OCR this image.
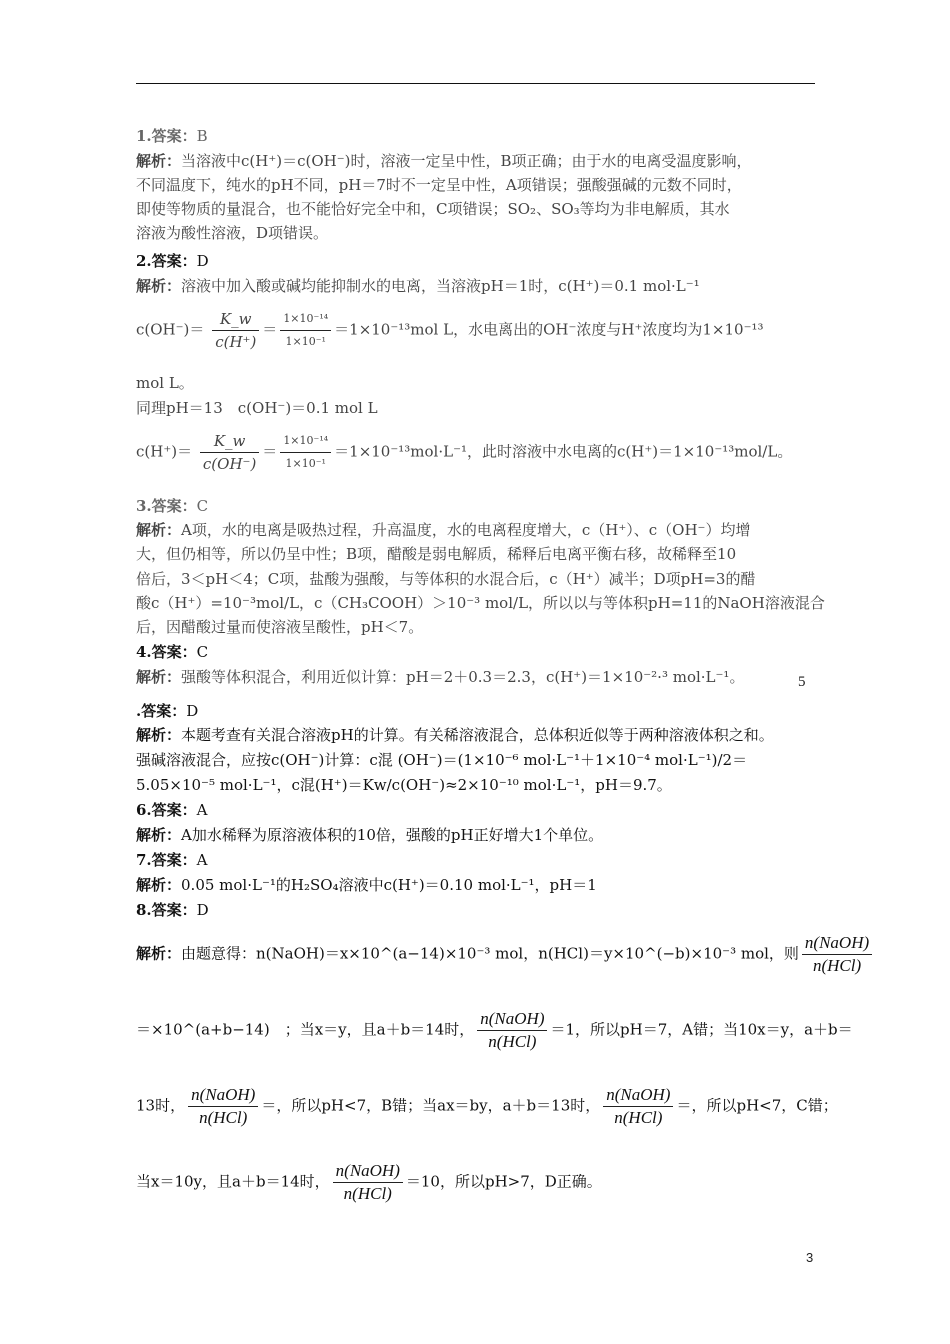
1.答案：B
解析：当溶液中c(H⁺)＝c(OH⁻)时，溶液一定呈中性，B项正确；由于水的电离受温度影响，
不同温度下，纯水的pH不同，pH＝7时不一定呈中性，A项错误；强酸强碱的元数不同时，
即使等物质的量混合，也不能恰好完全中和，C项错误；SO₂、SO₃等均为非电解质，其水
溶液为酸性溶液，D项错误。
2.答案：D
解析：溶液中加入酸或碱均能抑制水的电离，当溶液pH＝1时，c(H⁺)＝0.1 mol·L⁻¹
$c(OH^-)= \frac{K\_w}{c(H^+)} = \frac{\text{1×10⁻¹⁴}}{\text{1×10⁻¹}} =1\times 10^{-13}mol$ L，水电离出的OH⁻浓度与H⁺浓度均为1×10⁻¹³
mol L。
同理pH＝13　c(OH⁻)＝0.1 mol L
$c(H^+)= \frac{K\_w}{c(OH^-)} = \frac{\text{1×10⁻¹⁴}}{\text{1×10⁻¹}} =1\times 10^{-13}mol\cdot L^{-1}$，此时溶液中水电离的c(H⁺)＝1×10⁻¹³mol/L。
3.答案：C
解析：A项，水的电离是吸热过程，升高温度，水的电离程度增大，c（H⁺）、c（OH⁻）均增
大，但仍相等，所以仍呈中性；B项，醋酸是弱电解质，稀释后电离平衡右移，故稀释至10
倍后，3＜pH＜4；C项，盐酸为强酸，与等体积的水混合后，c（H⁺）减半；D项pH=3的醋
酸c（H⁺）=10⁻³mol/L，c（CH₃COOH）＞10⁻³ mol/L，所以以与等体积pH=11的NaOH溶液混合
后，因醋酸过量而使溶液呈酸性，pH＜7。
4.答案：C
解析：强酸等体积混合，利用近似计算：pH＝2＋0.3＝2.3，c(H⁺)＝1×10⁻²·³ mol·L⁻¹。	5
.答案：D
解析：本题考查有关混合溶液pH的计算。有关稀溶液混合，总体积近似等于两种溶液体积之和。
强碱溶液混合，应按c(OH⁻)计算：c混 (OH⁻)＝(1×10⁻⁶ mol·L⁻¹＋1×10⁻⁴ mol·L⁻¹)/2＝
5.05×10⁻⁵ mol·L⁻¹，c混(H⁺)＝Kw/c(OH⁻)≈2×10⁻¹⁰ mol·L⁻¹，pH＝9.7。
6.答案：A
解析：A加水稀释为原溶液体积的10倍，强酸的pH正好增大1个单位。
7.答案：A
解析：0.05 mol·L⁻¹的H₂SO₄溶液中c(H⁺)＝0.10 mol·L⁻¹，pH＝1
8.答案：D
解析：由题意得：n(NaOH)＝x×10^(a−14)×10⁻³ mol，n(HCl)＝y×10^(−b)×10⁻³ mol，则 $\frac{\text{n(NaOH)}}{\text{n(HCl)}}$
＝×10^(a+b−14)　；当x＝y，且a＋b＝14时， $\frac{\text{n(NaOH)}}{\text{n(HCl)}} =1$，所以pH＝7，A错；当10x＝y，a＋b＝
13时， $\frac{\text{n(NaOH)}}{\text{n(HCl)}}$ ＝，所以pH<7，B错；当ax＝by，a＋b＝13时， $\frac{\text{n(NaOH)}}{\text{n(HCl)}}$ ＝，所以pH<7，C错；
当x＝10y，且a＋b＝14时， $\frac{\text{n(NaOH)}}{\text{n(HCl)}} =10$，所以pH>7，D正确。
3
